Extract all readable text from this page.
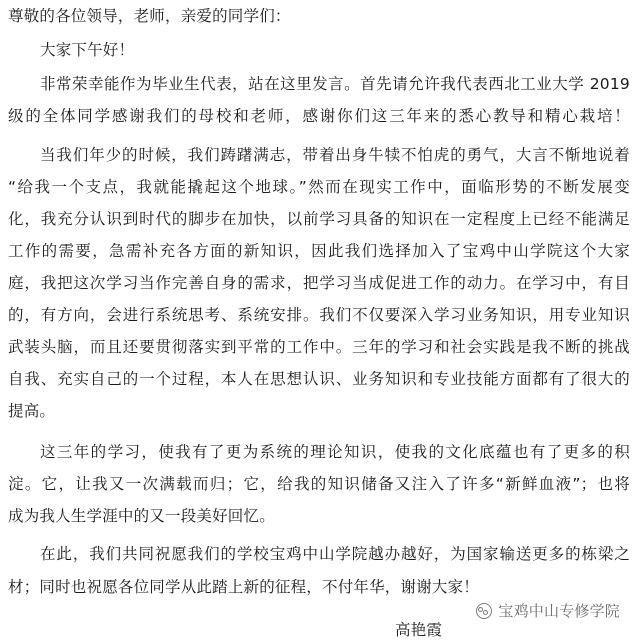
尊敬的各位领导，老师，亲爱的同学们：
大家下午好！
非常荣幸能作为毕业生代表，站在这里发言。首先请允许我代表西北工业大学 2019
级的全体同学感谢我们的母校和老师，感谢你们这三年来的悉心教导和精心栽培！
当我们年少的时候，我们踌躇满志，带着出身牛犊不怕虎的勇气，大言不惭地说着
“给我一个支点，我就能撬起这个地球。”然而在现实工作中，面临形势的不断发展变
化，我充分认识到时代的脚步在加快，以前学习具备的知识在一定程度上已经不能满足
工作的需要，急需补充各方面的新知识，因此我们选择加入了宝鸡中山学院这个大家
庭，我把这次学习当作完善自身的需求，把学习当成促进工作的动力。在学习中，有目
的，有方向，会进行系统思考、系统安排。我们不仅要深入学习业务知识，用专业知识
武装头脑，而且还要贯彻落实到平常的工作中。三年的学习和社会实践是我不断的挑战
自我、充实自己的一个过程，本人在思想认识、业务知识和专业技能方面都有了很大的
提高。
这三年的学习，使我有了更为系统的理论知识，使我的文化底蕴也有了更多的积
淀。它，让我又一次满载而归；它，给我的知识储备又注入了许多“新鲜血液”；也将
成为我人生学涯中的又一段美好回忆。
在此，我们共同祝愿我们的学校宝鸡中山学院越办越好，为国家输送更多的栋梁之
材；同时也祝愿各位同学从此踏上新的征程，不付年华，谢谢大家！
宝鸡中山专修学院
高艳霞
